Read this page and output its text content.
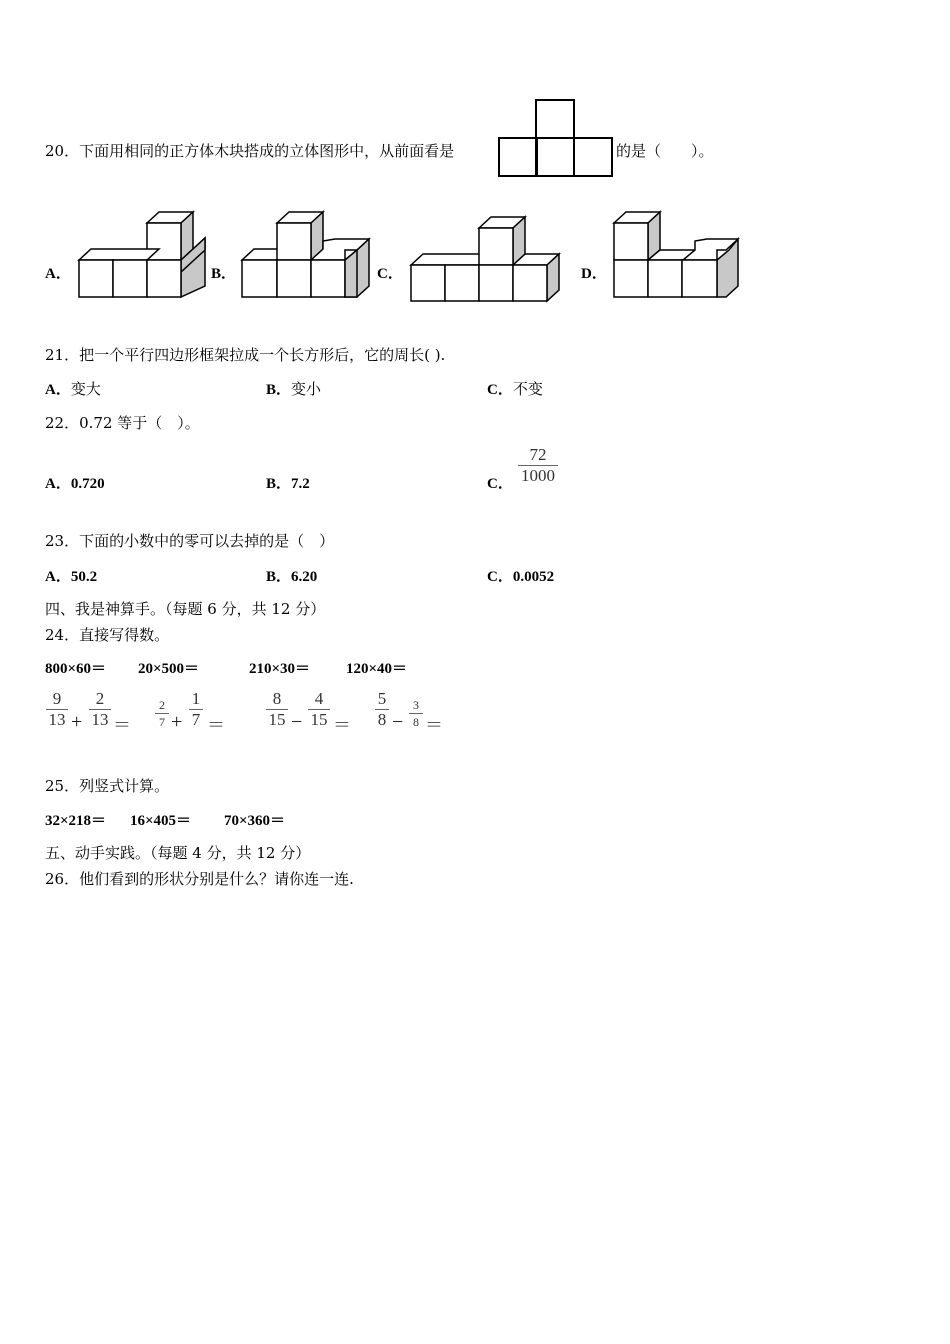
20．下面用相同的正方体木块搭成的立体图形中，从前面看是	的是（　　）。
A．	B．	C．	D．
21．把一个平行四边形框架拉成一个长方形后，它的周长( ).
A．变大	B．变小	C．不变
22．0.72 等于（　）。
A．0.720	B．7.2	C．
72
1000
23．下面的小数中的零可以去掉的是（　）
A．50.2	B．6.20	C．0.0052
四、我是神算手。（每题 6 分，共 12 分）
24．直接写得数。
800×60＝ 20×500＝	210×30＝ 120×40＝
9
13 +
2
13 ＝
2
7 +
1
7 ＝
8
15 −
4
15 ＝
5
8 −
3
8 ＝
25．列竖式计算。
32×218＝ 16×405＝ 70×360＝
五、动手实践。（每题 4 分，共 12 分）
26．他们看到的形状分别是什么？请你连一连.
